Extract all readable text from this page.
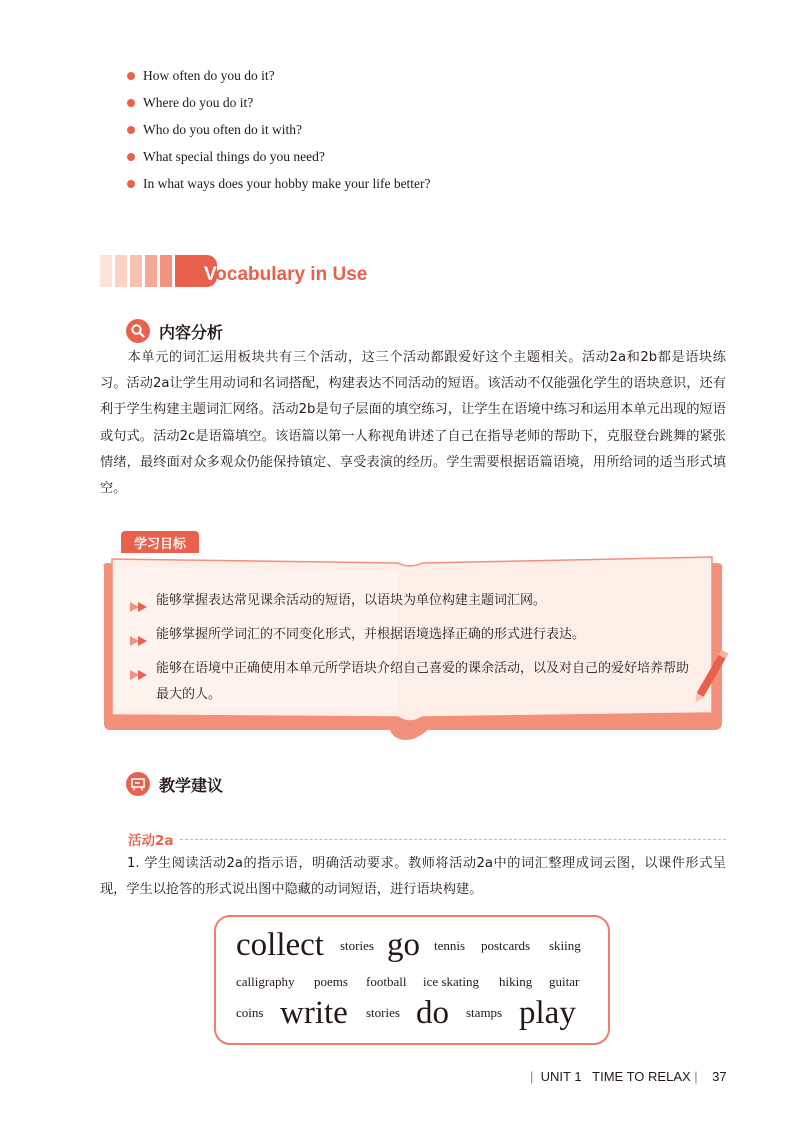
How often do you do it?
Where do you do it?
Who do you often do it with?
What special things do you need?
In what ways does your hobby make your life better?
Vocabulary in Use
内容分析

本单元的词汇运用板块共有三个活动，这三个活动都跟爱好这个主题相关。活动2a和2b都是语块练习。活动2a让学生用动词和名词搭配，构建表达不同活动的短语。该活动不仅能强化学生的语块意识，还有利于学生构建主题词汇网络。活动2b是句子层面的填空练习，让学生在语境中练习和运用本单元出现的短语或句式。活动2c是语篇填空。该语篇以第一人称视角讲述了自己在指导老师的帮助下，克服登台跳舞的紧张情绪，最终面对众多观众仍能保持镇定、享受表演的经历。学生需要根据语篇语境，用所给词的适当形式填空。

学习目标
能够掌握表达常见课余活动的短语，以语块为单位构建主题词汇网。
能够掌握所学词汇的不同变化形式，并根据语境选择正确的形式进行表达。
能够在语境中正确使用本单元所学语块介绍自己喜爱的课余活动，以及对自己的爱好培养帮助最大的人。
教学建议
活动2a

1. 学生阅读活动2a的指示语，明确活动要求。教师将活动2a中的词汇整理成词云图，以课件形式呈现，学生以抢答的形式说出图中隐藏的动词短语，进行语块构建。

collect stories go tennis postcards skiing
calligraphy poems football ice skating hiking guitar
coins write stories do stamps play
| UNIT 1 TIME TO RELAX | 37
